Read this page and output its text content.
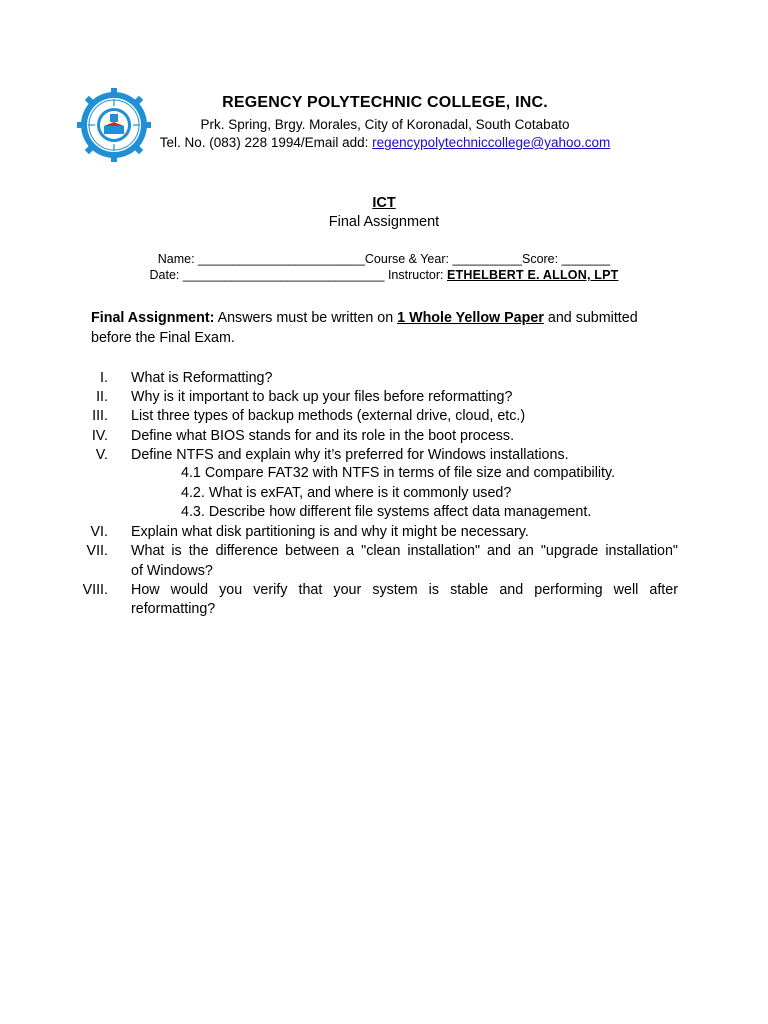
REGENCY POLYTECHNIC COLLEGE, INC.
Prk. Spring, Brgy. Morales, City of Koronadal, South Cotabato
Tel. No. (083) 228 1994/Email add: regencypolytechniccollege@yahoo.com
ICT
Final Assignment
Name: ________________________Course & Year: __________Score: _______
Date: _____________________________ Instructor: ETHELBERT E. ALLON, LPT
Final Assignment: Answers must be written on 1 Whole Yellow Paper and submitted before the Final Exam.
I. What is Reformatting?
II. Why is it important to back up your files before reformatting?
III. List three types of backup methods (external drive, cloud, etc.)
IV. Define what BIOS stands for and its role in the boot process.
V. Define NTFS and explain why it’s preferred for Windows installations.
4.1 Compare FAT32 with NTFS in terms of file size and compatibility.
4.2. What is exFAT, and where is it commonly used?
4.3. Describe how different file systems affect data management.
VI. Explain what disk partitioning is and why it might be necessary.
VII. What is the difference between a "clean installation" and an "upgrade installation"
of Windows?
VIII. How would you verify that your system is stable and performing well after
reformatting?
